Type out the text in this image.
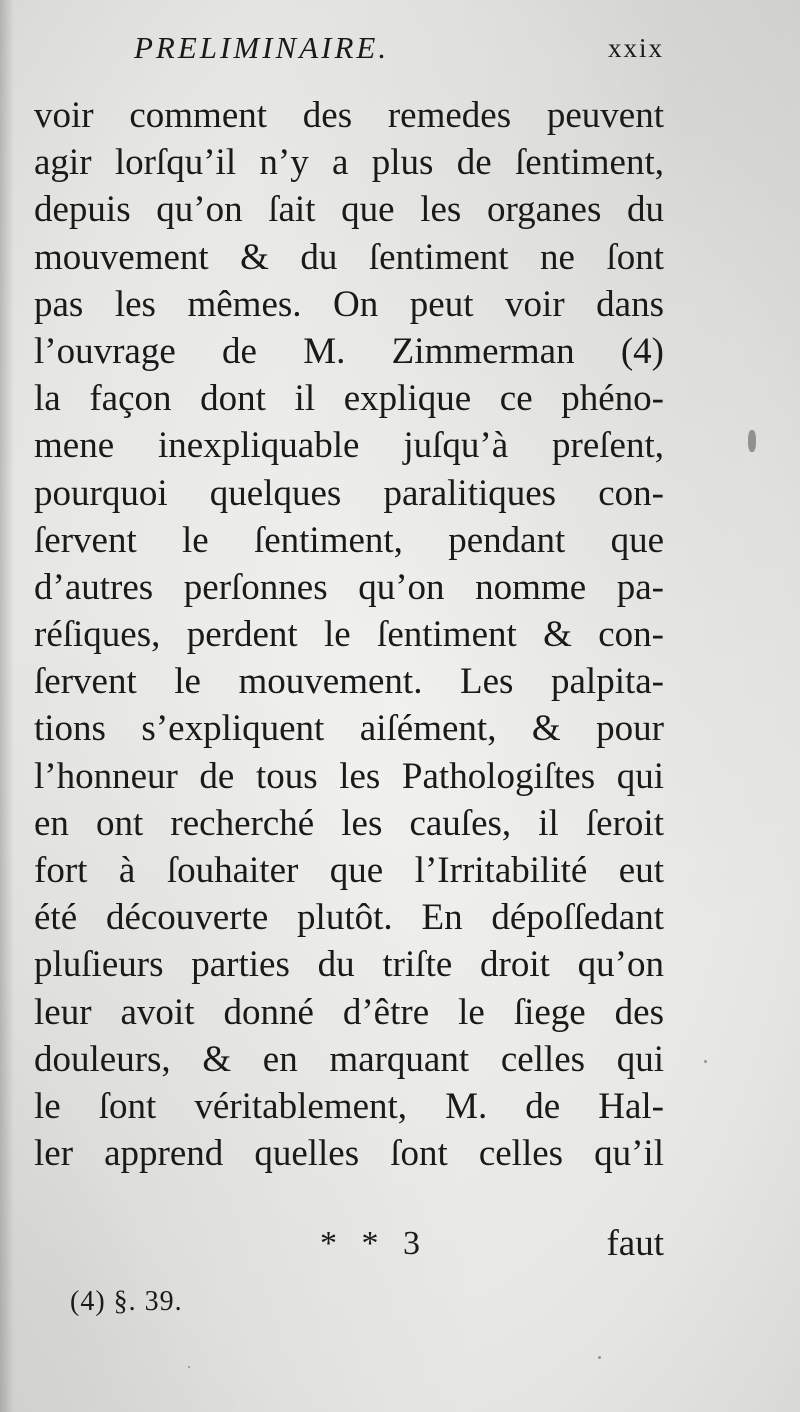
PRELIMINAIRE.	xxix
voir comment des remedes peuvent
agir lorſqu’il n’y a plus de ſentiment,
depuis qu’on ſait que les organes du
mouvement & du ſentiment ne ſont
pas les mêmes. On peut voir dans
l’ouvrage de M. Zimmerman (4)
la façon dont il explique ce phéno-
mene inexpliquable juſqu’à preſent,
pourquoi quelques paralitiques con-
ſervent le ſentiment, pendant que
d’autres perſonnes qu’on nomme pa-
réſiques, perdent le ſentiment & con-
ſervent le mouvement. Les palpita-
tions s’expliquent aiſément, & pour
l’honneur de tous les Pathologiſtes qui
en ont recherché les cauſes, il ſeroit
fort à ſouhaiter que l’Irritabilité eut
été découverte plutôt. En dépoſſedant
pluſieurs parties du triſte droit qu’on
leur avoit donné d’être le ſiege des
douleurs, & en marquant celles qui
le ſont véritablement, M. de Hal-
ler apprend quelles ſont celles qu’il
* * 3	faut
(4) §. 39.
